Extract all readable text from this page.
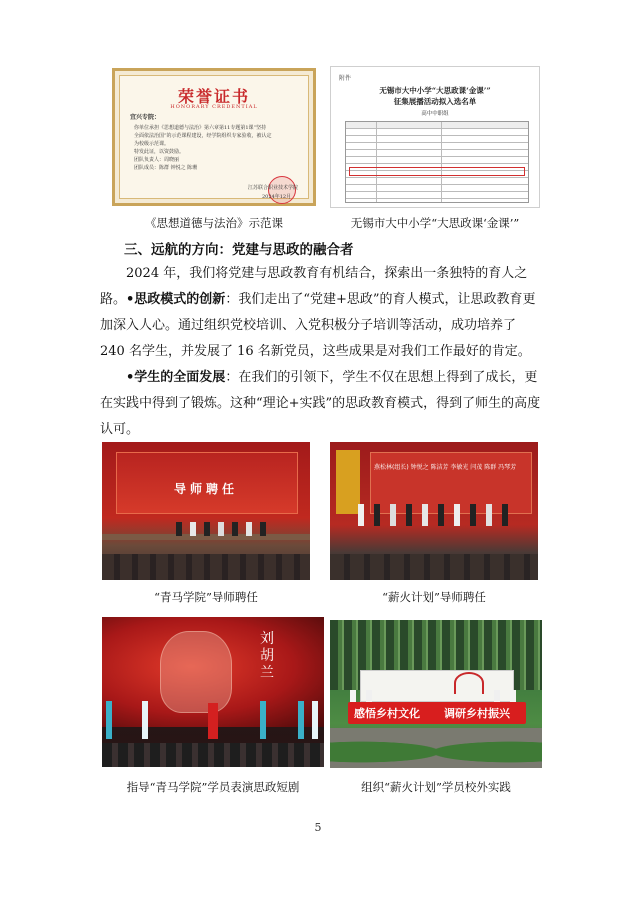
荣誉证书
HONORARY CREDENTIAL
宜兴专院：
你单位承担《思想道德与法治》第六章第11专题第1课“坚持
全面依法治国”的示范课程建设，经学院组织专家验收，被认定
为校级示范课。
特发此证，以资鼓励。
团队负责人：周晓丽
团队成员：陈群 钟悦之 陈珊
江苏联合职业技术学院
2024年12月
附件
无锡市大中小学“大思政课‘金课’”
征集展播活动拟入选名单
高中中职组
《思想道德与法治》示范课	无锡市大中小学“大思政课‘金课’”
三、远航的方向：党建与思政的融合者

2024 年，我们将党建与思政教育有机结合，探索出一条独特的育人之路。 •思政模式的创新：我们走出了“党建+思政”的育人模式，让思政教育更加深入人心。通过组织党校培训、入党积极分子培训等活动，成功培养了 240 名学生，并发展了 16 名新党员，这些成果是对我们工作最好的肯定。

•学生的全面发展：在我们的引领下，学生不仅在思想上得到了成长，更在实践中得到了锻炼。这种“理论+实践”的思政教育模式，得到了师生的高度认可。

导师聘任
燕松林(组长) 钟悦之 陈洁芳 李敏光 闫茂 陈群 冯琴芳
“青马学院”导师聘任	“薪火计划”导师聘任
刘胡兰
感悟乡村文化 调研乡村振兴
指导“青马学院”学员表演思政短剧	组织“薪火计划”学员校外实践
5
